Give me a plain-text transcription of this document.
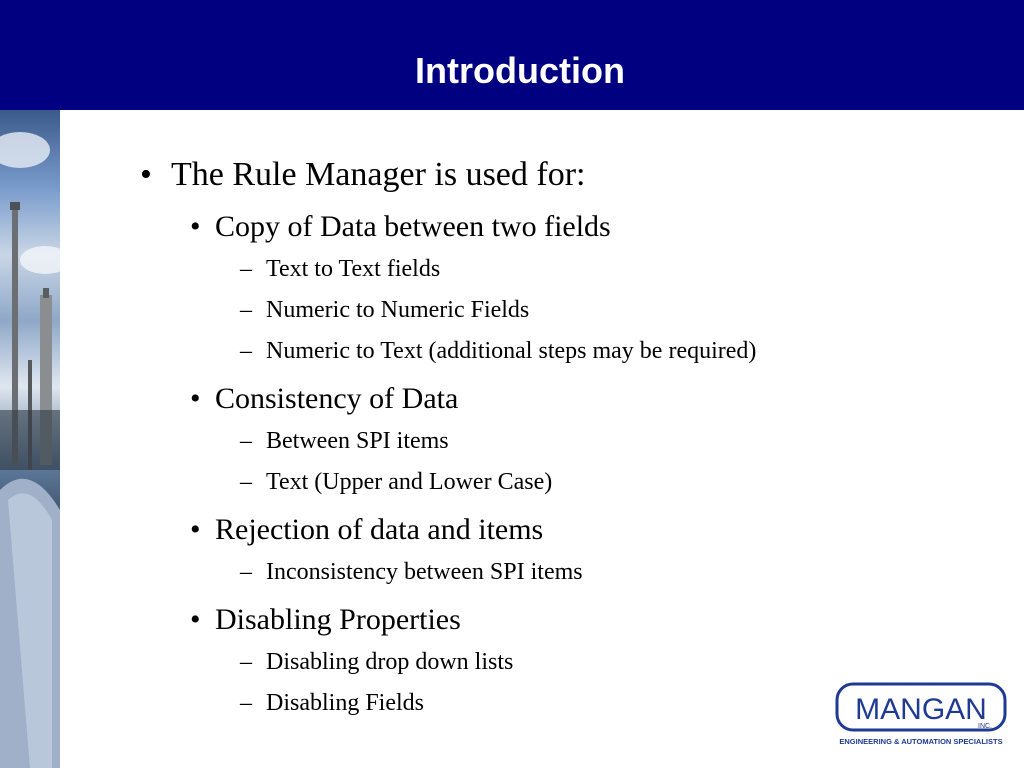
Introduction
• The Rule Manager is used for:
• Copy of Data between two fields
– Text to Text fields
– Numeric to Numeric Fields
– Numeric to Text (additional steps may be required)
• Consistency of Data
– Between SPI items
– Text (Upper and Lower Case)
• Rejection of data and items
– Inconsistency between SPI items
• Disabling Properties
– Disabling drop down lists
– Disabling Fields	MANGAN
INC.
ENGINEERING & AUTOMATION SPECIALISTS
